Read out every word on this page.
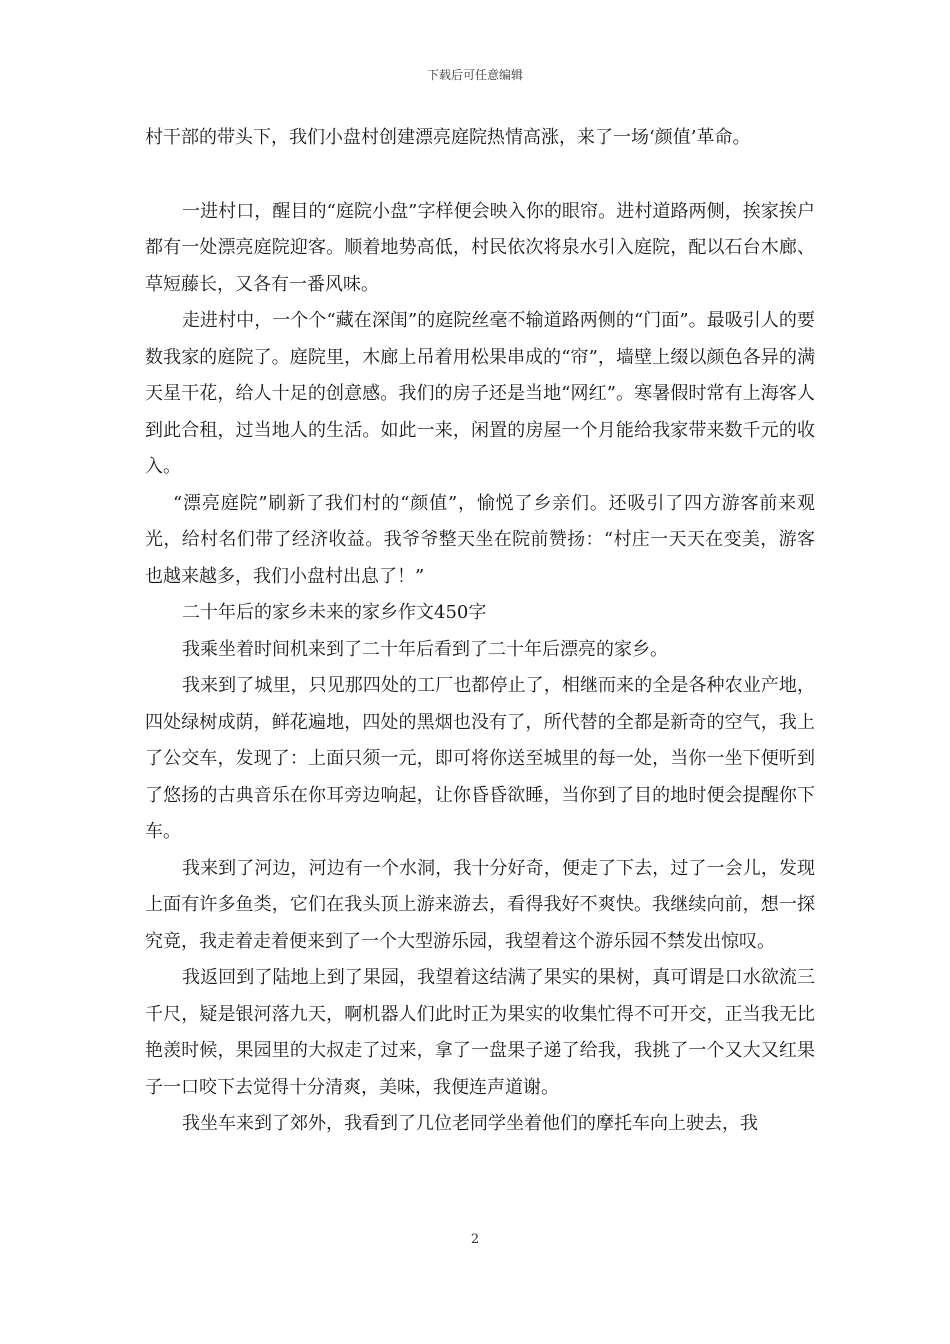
下载后可任意编辑

村干部的带头下，我们小盘村创建漂亮庭院热情高涨，来了一场‘颜值’革命。

一进村口，醒目的“庭院小盘”字样便会映入你的眼帘。进村道路两侧，挨家挨户都有一处漂亮庭院迎客。顺着地势高低，村民依次将泉水引入庭院，配以石台木廊、草短藤长，又各有一番风味。

走进村中，一个个“藏在深闺”的庭院丝毫不输道路两侧的“门面”。最吸引人的要数我家的庭院了。庭院里，木廊上吊着用松果串成的“帘”，墙壁上缀以颜色各异的满天星干花，给人十足的创意感。我们的房子还是当地“网红”。寒暑假时常有上海客人到此合租，过当地人的生活。如此一来，闲置的房屋一个月能给我家带来数千元的收入。

“漂亮庭院”刷新了我们村的“颜值”，愉悦了乡亲们。还吸引了四方游客前来观光，给村名们带了经济收益。我爷爷整天坐在院前赞扬：“村庄一天天在变美，游客也越来越多，我们小盘村出息了！”

二十年后的家乡未来的家乡作文450字

我乘坐着时间机来到了二十年后看到了二十年后漂亮的家乡。

我来到了城里，只见那四处的工厂也都停止了，相继而来的全是各种农业产地，四处绿树成荫，鲜花遍地，四处的黑烟也没有了，所代替的全都是新奇的空气，我上了公交车，发现了：上面只须一元，即可将你送至城里的每一处，当你一坐下便听到了悠扬的古典音乐在你耳旁边响起，让你昏昏欲睡，当你到了目的地时便会提醒你下车。

我来到了河边，河边有一个水洞，我十分好奇，便走了下去，过了一会儿，发现上面有许多鱼类，它们在我头顶上游来游去，看得我好不爽快。我继续向前，想一探究竟，我走着走着便来到了一个大型游乐园，我望着这个游乐园不禁发出惊叹。

我返回到了陆地上到了果园，我望着这结满了果实的果树，真可谓是口水欲流三千尺，疑是银河落九天，啊机器人们此时正为果实的收集忙得不可开交，正当我无比艳羡时候，果园里的大叔走了过来，拿了一盘果子递了给我，我挑了一个又大又红果子一口咬下去觉得十分清爽，美味，我便连声道谢。

我坐车来到了郊外，我看到了几位老同学坐着他们的摩托车向上驶去，我

2
